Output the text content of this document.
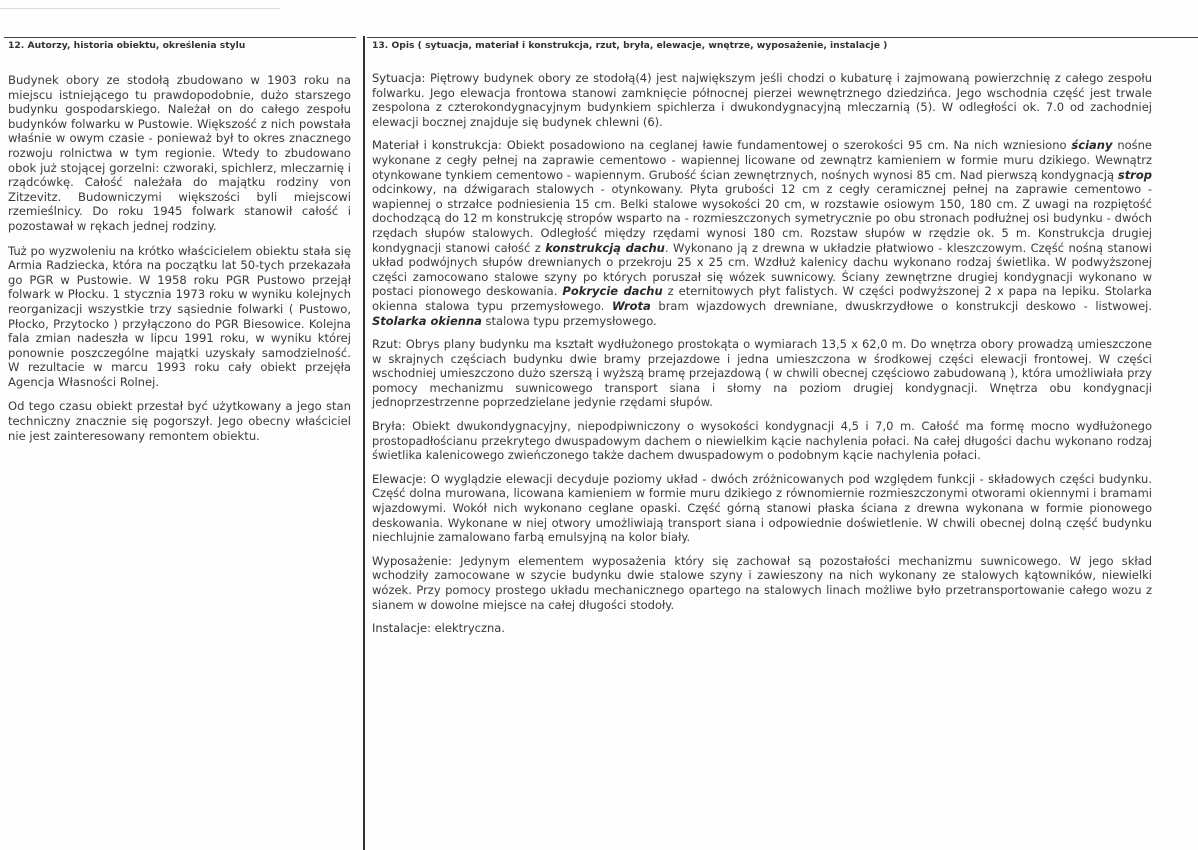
12. Autorzy, historia obiektu, określenia stylu

Budynek obory ze stodołą zbudowano w 1903 roku na miejscu istniejącego tu prawdopodobnie, dużo starszego budynku gospodarskiego. Należał on do całego zespołu budynków folwarku w Pustowie. Większość z nich powstała właśnie w owym czasie - ponieważ był to okres znacznego rozwoju rolnictwa w tym regionie. Wtedy to zbudowano obok już stojącej gorzelni: czworaki, spichlerz, mleczarnię i rządcówkę. Całość należała do majątku rodziny von Zitzevitz. Budowniczymi większości byli miejscowi rzemieślnicy. Do roku 1945 folwark stanowił całość i pozostawał w rękach jednej rodziny.

Tuż po wyzwoleniu na krótko właścicielem obiektu stała się Armia Radziecka, która na początku lat 50-tych przekazała go PGR w Pustowie. W 1958 roku PGR Pustowo przejął folwark w Płocku. 1 stycznia 1973 roku w wyniku kolejnych reorganizacji wszystkie trzy sąsiednie folwarki ( Pustowo, Płocko, Przytocko ) przyłączono do PGR Biesowice. Kolejna fala zmian nadeszła w lipcu 1991 roku, w wyniku której ponownie poszczególne majątki uzyskały samodzielność. W rezultacie w marcu 1993 roku cały obiekt przejęła Agencja Własności Rolnej.

Od tego czasu obiekt przestał być użytkowany a jego stan techniczny znacznie się pogorszył. Jego obecny właściciel nie jest zainteresowany remontem obiektu.

13. Opis ( sytuacja, materiał i konstrukcja, rzut, bryła, elewacje, wnętrze, wyposażenie, instalacje )

Sytuacja: Piętrowy budynek obory ze stodołą(4) jest największym jeśli chodzi o kubaturę i zajmowaną powierzchnię z całego zespołu folwarku. Jego elewacja frontowa stanowi zamknięcie północnej pierzei wewnętrznego dziedzińca. Jego wschodnia część jest trwale zespolona z czterokondygnacyjnym budynkiem spichlerza i dwukondygnacyjną mleczarnią (5). W odległości ok. 7.0 od zachodniej elewacji bocznej znajduje się budynek chlewni (6).

Materiał i konstrukcja: Obiekt posadowiono na ceglanej ławie fundamentowej o szerokości 95 cm. Na nich wzniesiono ściany nośne wykonane z cegły pełnej na zaprawie cementowo - wapiennej licowane od zewnątrz kamieniem w formie muru dzikiego. Wewnątrz otynkowane tynkiem cementowo - wapiennym. Grubość ścian zewnętrznych, nośnych wynosi 85 cm. Nad pierwszą kondygnacją strop odcinkowy, na dźwigarach stalowych - otynkowany. Płyta grubości 12 cm z cegły ceramicznej pełnej na zaprawie cementowo - wapiennej o strzałce podniesienia 15 cm. Belki stalowe wysokości 20 cm, w rozstawie osiowym 150, 180 cm. Z uwagi na rozpiętość dochodzącą do 12 m konstrukcję stropów wsparto na - rozmieszczonych symetrycznie po obu stronach podłużnej osi budynku - dwóch rzędach słupów stalowych. Odległość między rzędami wynosi 180 cm. Rozstaw słupów w rzędzie ok. 5 m. Konstrukcja drugiej kondygnacji stanowi całość z konstrukcją dachu. Wykonano ją z drewna w układzie płatwiowo - kleszczowym. Część nośną stanowi układ podwójnych słupów drewnianych o przekroju 25 x 25 cm. Wzdłuż kalenicy dachu wykonano rodzaj świetlika. W podwyższonej części zamocowano stalowe szyny po których poruszał się wózek suwnicowy. Ściany zewnętrzne drugiej kondygnacji wykonano w postaci pionowego deskowania. Pokrycie dachu z eternitowych płyt falistych. W części podwyższonej 2 x papa na lepiku. Stolarka okienna stalowa typu przemysłowego. Wrota bram wjazdowych drewniane, dwuskrzydłowe o konstrukcji deskowo - listwowej. Stolarka okienna stalowa typu przemysłowego.

Rzut: Obrys plany budynku ma kształt wydłużonego prostokąta o wymiarach 13,5 x 62,0 m. Do wnętrza obory prowadzą umieszczone w skrajnych częściach budynku dwie bramy przejazdowe i jedna umieszczona w środkowej części elewacji frontowej. W części wschodniej umieszczono dużo szerszą i wyższą bramę przejazdową ( w chwili obecnej częściowo zabudowaną ), która umożliwiała przy pomocy mechanizmu suwnicowego transport siana i słomy na poziom drugiej kondygnacji. Wnętrza obu kondygnacji jednoprzestrzenne poprzedzielane jedynie rzędami słupów.

Bryła: Obiekt dwukondygnacyjny, niepodpiwniczony o wysokości kondygnacji 4,5 i 7,0 m. Całość ma formę mocno wydłużonego prostopadłościanu przekrytego dwuspadowym dachem o niewielkim kącie nachylenia połaci. Na całej długości dachu wykonano rodzaj świetlika kalenicowego zwieńczonego także dachem dwuspadowym o podobnym kącie nachylenia połaci.

Elewacje: O wyglądzie elewacji decyduje poziomy układ - dwóch zróżnicowanych pod względem funkcji - składowych części budynku. Część dolna murowana, licowana kamieniem w formie muru dzikiego z równomiernie rozmieszczonymi otworami okiennymi i bramami wjazdowymi. Wokół nich wykonano ceglane opaski. Część górną stanowi płaska ściana z drewna wykonana w formie pionowego deskowania. Wykonane w niej otwory umożliwiają transport siana i odpowiednie doświetlenie. W chwili obecnej dolną część budynku niechlujnie zamalowano farbą emulsyjną na kolor biały.

Wyposażenie: Jedynym elementem wyposażenia który się zachował są pozostałości mechanizmu suwnicowego. W jego skład wchodziły zamocowane w szycie budynku dwie stalowe szyny i zawieszony na nich wykonany ze stalowych kątowników, niewielki wózek. Przy pomocy prostego układu mechanicznego opartego na stalowych linach możliwe było przetransportowanie całego wozu z sianem w dowolne miejsce na całej długości stodoły.

Instalacje: elektryczna.
